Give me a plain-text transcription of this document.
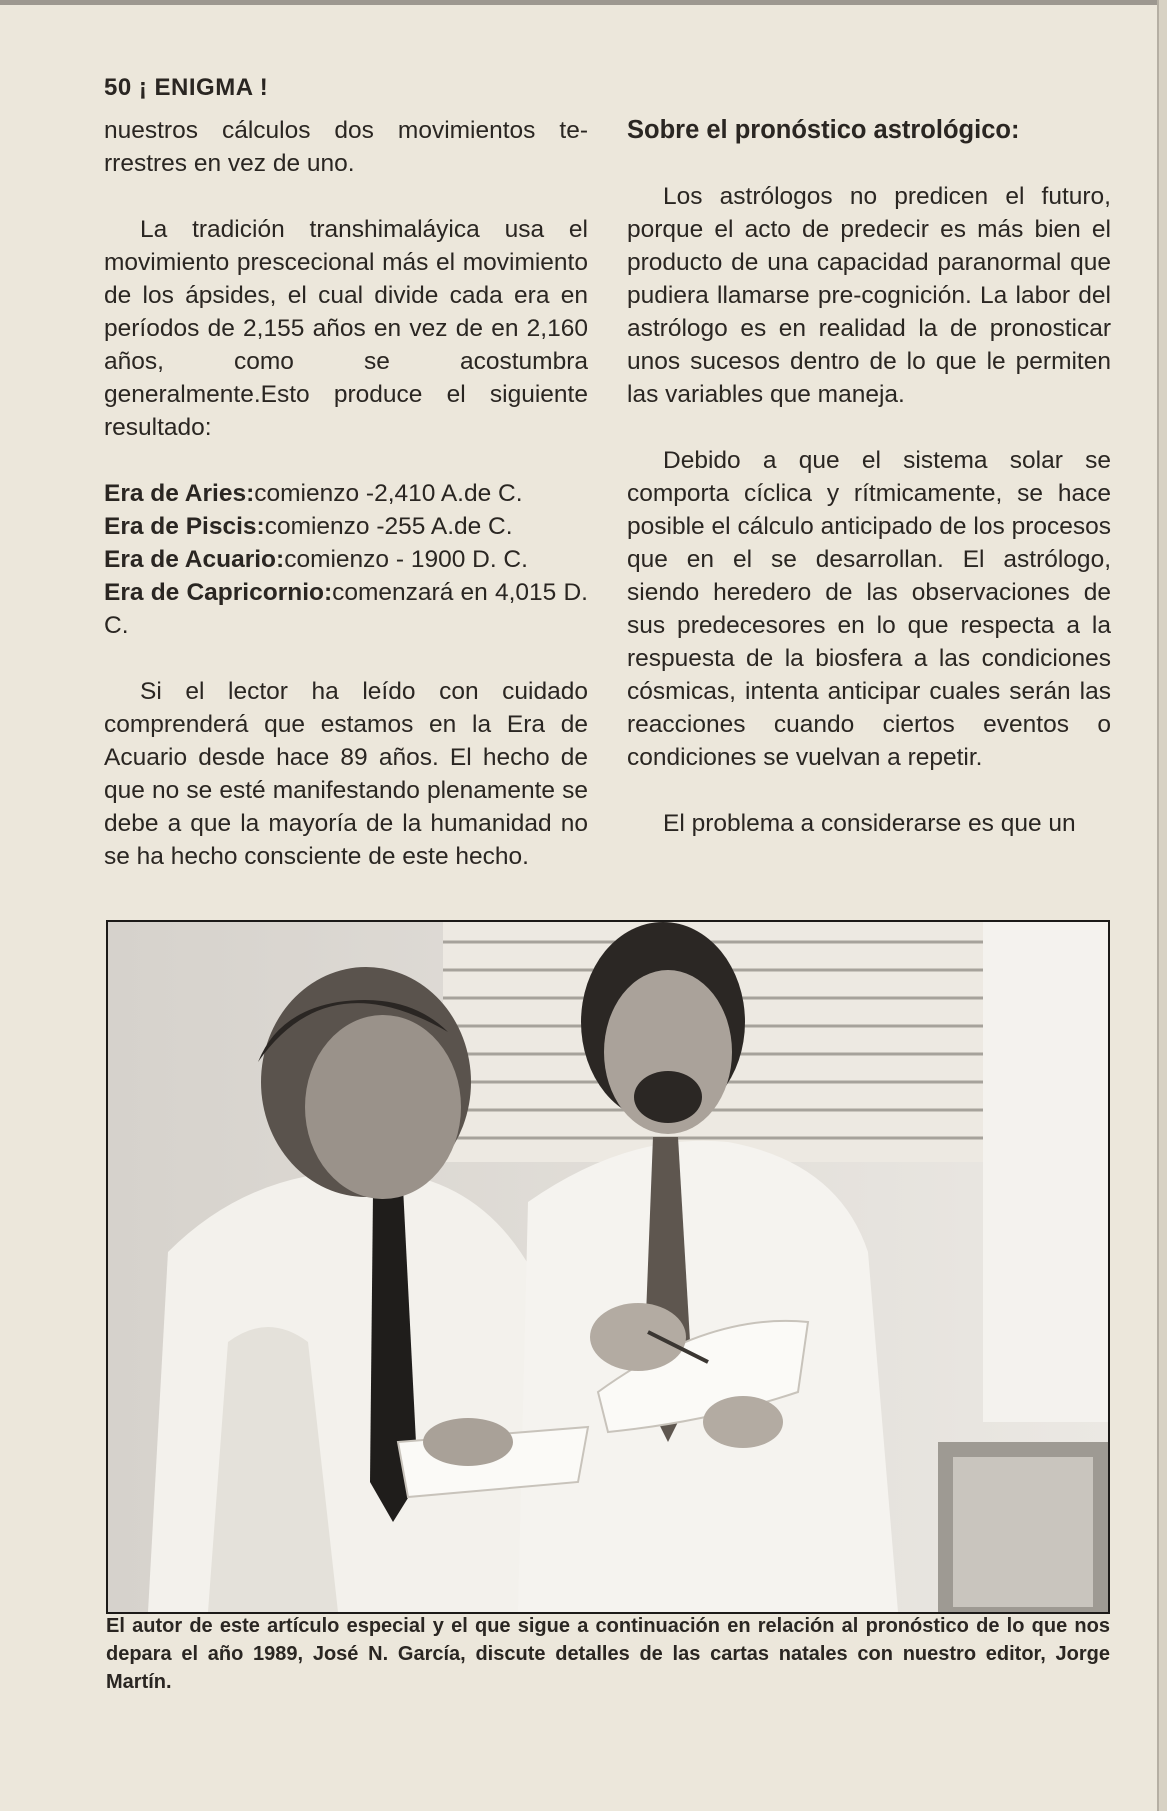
50 ¡ ENIGMA !

nuestros cálculos dos movimientos te-rrestres en vez de uno.

La tradición transhimaláyica usa el movimiento prescecional más el movimiento de los ápsides, el cual divide cada era en períodos de 2,155 años en vez de en 2,160 años, como se acostumbra generalmente.Esto produce el siguiente resultado:

Era de Aries:comienzo -2,410 A.de C.

Era de Piscis:comienzo -255 A.de C.

Era de Acuario:comienzo - 1900 D. C.

Era de Capricornio:comenzará en 4,015 D. C.

Si el lector ha leído con cuidado comprenderá que estamos en la Era de Acuario desde hace 89 años. El hecho de que no se esté manifestando plenamente se debe a que la mayoría de la humanidad no se ha hecho consciente de este hecho.

Sobre el pronóstico astrológico:

Los astrólogos no predicen el futuro, porque el acto de predecir es más bien el producto de una capacidad paranormal que pudiera llamarse pre-cognición. La labor del astrólogo es en realidad la de pronosticar unos sucesos dentro de lo que le permiten las variables que maneja.

Debido a que el sistema solar se comporta cíclica y rítmicamente, se hace posible el cálculo anticipado de los procesos que en el se desarrollan. El astrólogo, siendo heredero de las observaciones de sus predecesores en lo que respecta a la respuesta de la biosfera a las condiciones cósmicas, intenta anticipar cuales serán las reacciones cuando ciertos eventos o condiciones se vuelvan a repetir.

El problema a considerarse es que un

El autor de este artículo especial y el que sigue a continuación en relación al pronóstico de lo que nos depara el año 1989, José N. García, discute detalles de las cartas natales con nuestro editor, Jorge Martín.
